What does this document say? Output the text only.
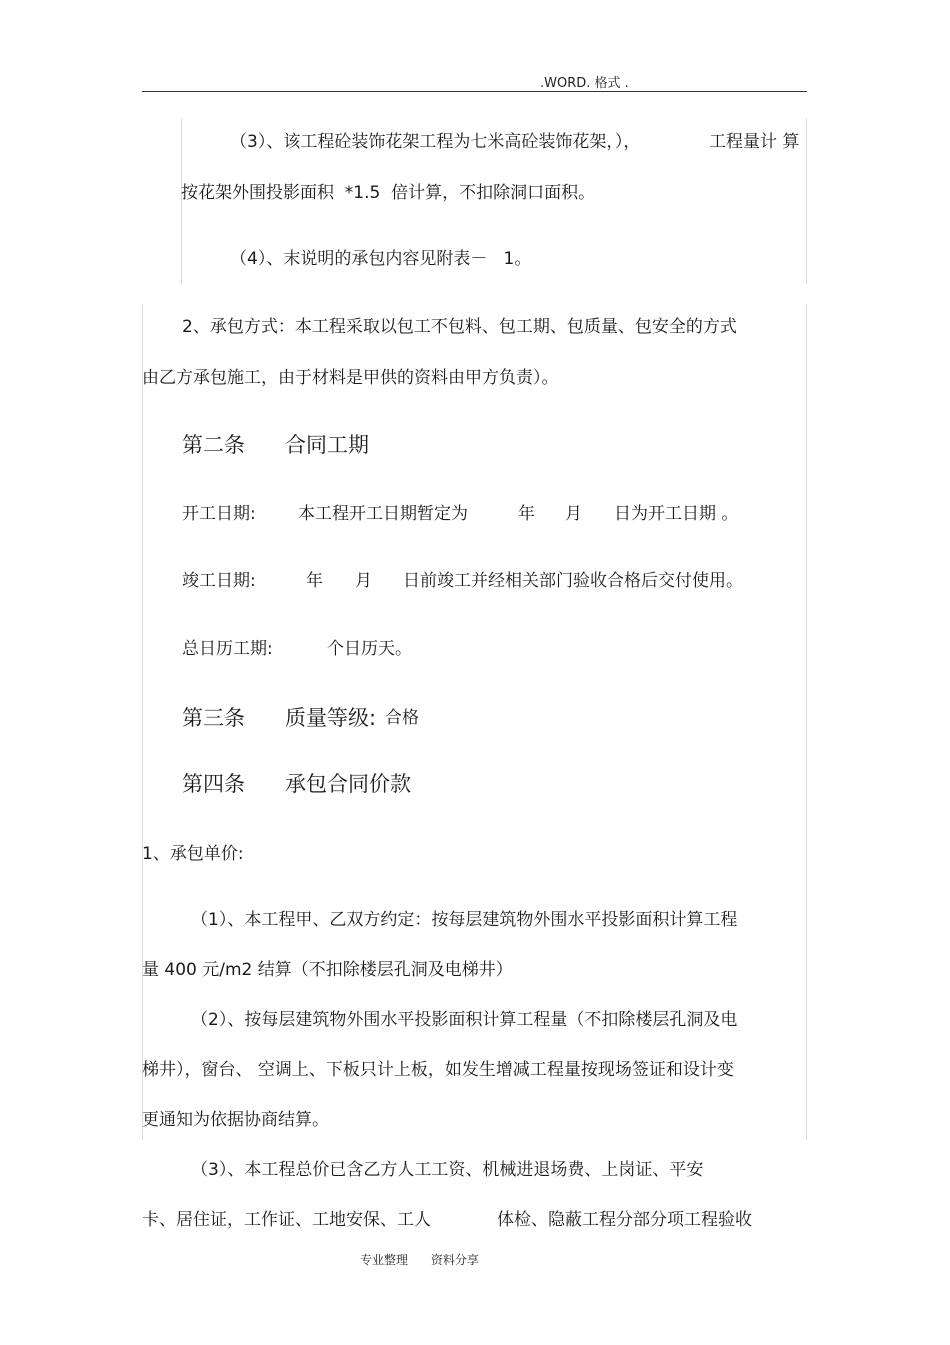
.WORD. 格式 .
（3）、该工程砼装饰花架工程为七米高砼装饰花架，），	工程量计 算
按花架外围投影面积  *1.5  倍计算，不扣除洞口面积。
（4）、末说明的承包内容见附表－   1。
2、承包方式：本工程采取以包工不包料、包工期、包质量、包安全的方式
由乙方承包施工，由于材料是甲供的资料由甲方负责）。
第二条      合同工期
开工日期: 本工程开工日期暂定为	年 月 日为开工日期 。
竣工日期:	年 月 日前竣工并经相关部门验收合格后交付使用。
总日历工期:	个日历天。
第三条      质量等级: 合格
第四条      承包合同价款
1、承包单价:
（1）、本工程甲、乙双方约定：按每层建筑物外围水平投影面积计算工程
量 400 元/m2 结算（不扣除楼层孔洞及电梯井）
（2）、按每层建筑物外围水平投影面积计算工程量（不扣除楼层孔洞及电
梯井），窗台、 空调上、下板只计上板，如发生增减工程量按现场签证和设计变
更通知为依据协商结算。
（3）、本工程总价已含乙方人工工资、机械进退场费、上岗证、平安
卡、居住证，工作证、工地安保、工人	体检、隐蔽工程分部分项工程验收
专业整理      资料分享
